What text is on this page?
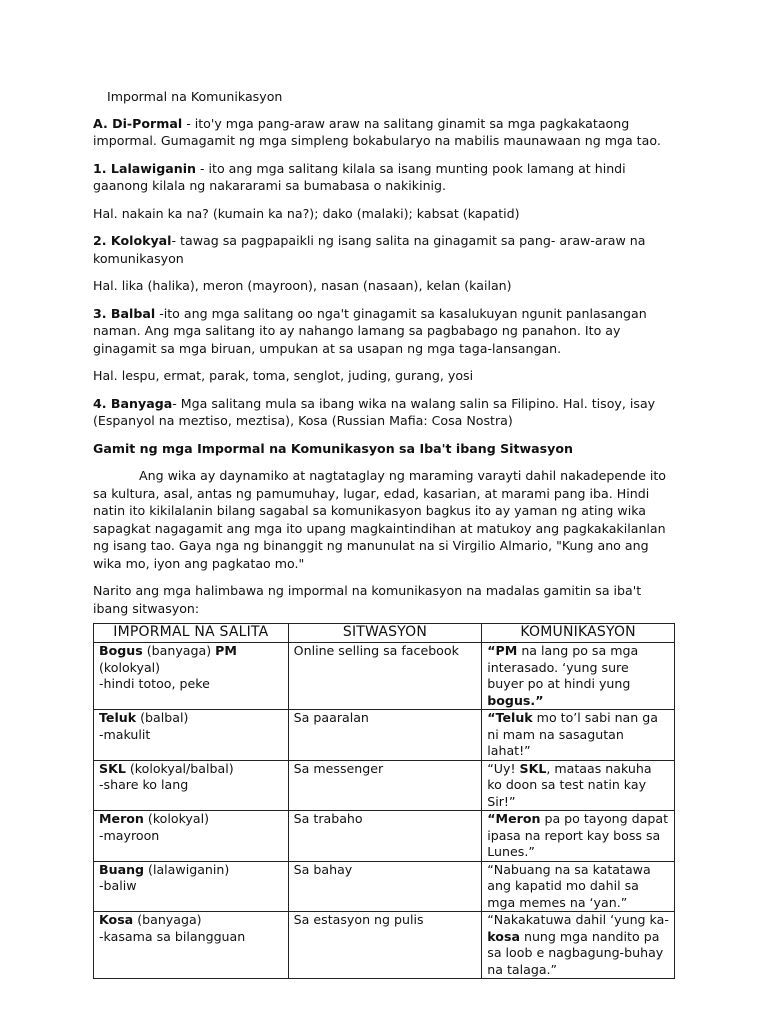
Impormal na Komunikasyon

A. Di-Pormal - ito'y mga pang-araw araw na salitang ginamit sa mga pagkakataong impormal. Gumagamit ng mga simpleng bokabularyo na mabilis maunawaan ng mga tao.

1. Lalawiganin - ito ang mga salitang kilala sa isang munting pook lamang at hindi gaanong kilala ng nakararami sa bumabasa o nakikinig.

Hal. nakain ka na? (kumain ka na?); dako (malaki); kabsat (kapatid)

2. Kolokyal- tawag sa pagpapaikli ng isang salita na ginagamit sa pang- araw-araw na komunikasyon

Hal. lika (halika), meron (mayroon), nasan (nasaan), kelan (kailan)

3. Balbal -ito ang mga salitang oo nga't ginagamit sa kasalukuyan ngunit panlasangan naman. Ang mga salitang ito ay nahango lamang sa pagbabago ng panahon. Ito ay ginagamit sa mga biruan, umpukan at sa usapan ng mga taga-lansangan.

Hal. lespu, ermat, parak, toma, senglot, juding, gurang, yosi

4. Banyaga- Mga salitang mula sa ibang wika na walang salin sa Filipino. Hal. tisoy, isay (Espanyol na meztiso, meztisa), Kosa (Russian Mafia: Cosa Nostra)

Gamit ng mga Impormal na Komunikasyon sa Iba't ibang Sitwasyon

Ang wika ay daynamiko at nagtataglay ng maraming varayti dahil nakadepende ito sa kultura, asal, antas ng pamumuhay, lugar, edad, kasarian, at marami pang iba. Hindi natin ito kikilalanin bilang sagabal sa komunikasyon bagkus ito ay yaman ng ating wika sapagkat nagagamit ang mga ito upang magkaintindihan at matukoy ang pagkakakilanlan ng isang tao. Gaya nga ng binanggit ng manunulat na si Virgilio Almario, "Kung ano ang wika mo, iyon ang pagkatao mo."

Narito ang mga halimbawa ng impormal na komunikasyon na madalas gamitin sa iba't ibang sitwasyon:

IMPORMAL NA SALITA	SITWASYON	KOMUNIKASYON
Bogus (banyaga) PM (kolokyal)
-hindi totoo, peke	Online selling sa facebook	“PM na lang po sa mga interasado. ‘yung sure buyer po at hindi yung bogus.”
Teluk (balbal)
-makulit	Sa paaralan	“Teluk mo to’l sabi nan ga ni mam na sasagutan lahat!”
SKL (kolokyal/balbal)
-share ko lang	Sa messenger	“Uy! SKL, mataas nakuha ko doon sa test natin kay Sir!”
Meron (kolokyal)
-mayroon	Sa trabaho	“Meron pa po tayong dapat ipasa na report kay boss sa Lunes.”
Buang (lalawiganin)
-baliw	Sa bahay	“Nabuang na sa katatawa ang kapatid mo dahil sa mga memes na ‘yan.”
Kosa (banyaga)
-kasama sa bilangguan	Sa estasyon ng pulis	“Nakakatuwa dahil ‘yung ka-kosa nung mga nandito pa sa loob e nagbagung-buhay na talaga.”
